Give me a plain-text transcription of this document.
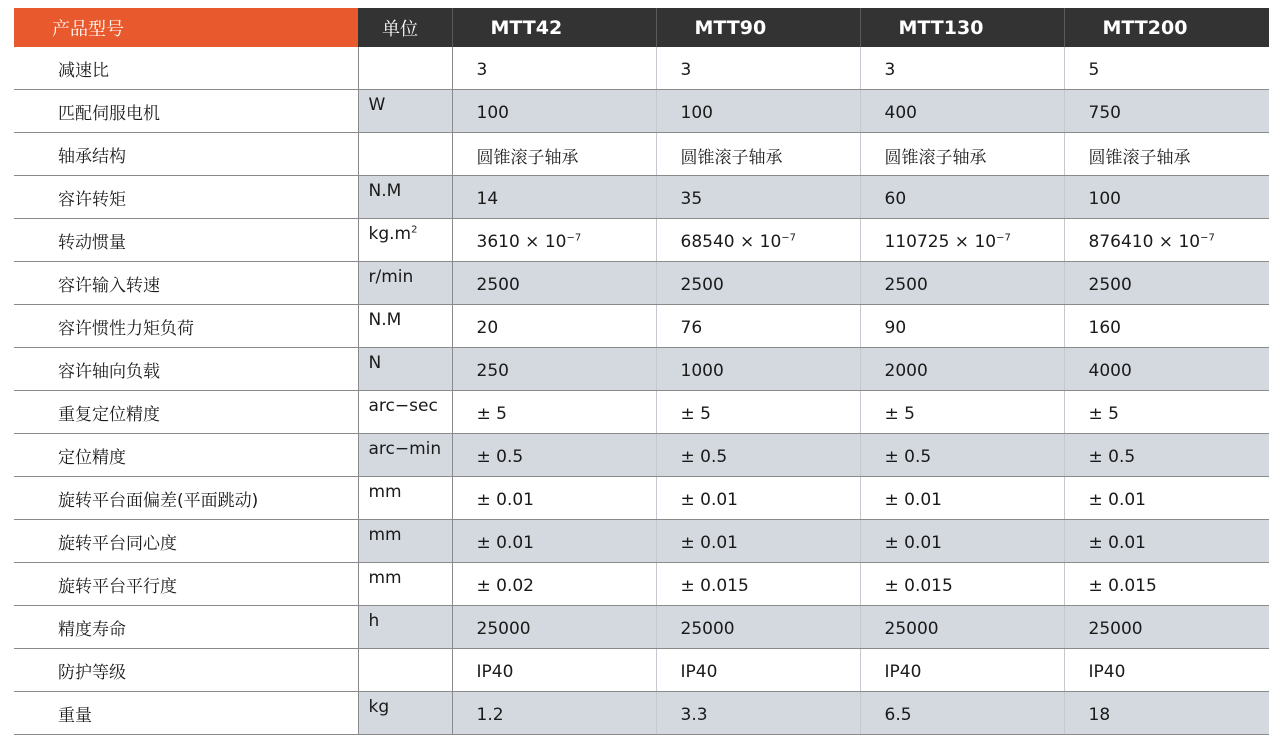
产品型号	单位	MTT42	MTT90	MTT130	MTT200
减速比		3	3	3	5
匹配伺服电机	W	100	100	400	750
轴承结构		圆锥滚子轴承	圆锥滚子轴承	圆锥滚子轴承	圆锥滚子轴承
容许转矩	N.M	14	35	60	100
转动惯量	$kg.m^2$	$3610 \times 10^{-7}$	$68540 \times 10^{-7}$	$110725 \times 10^{-7}$	$876410 \times 10^{-7}$
容许输入转速	r/min	2500	2500	2500	2500
容许惯性力矩负荷	N.M	20	76	90	160
容许轴向负载	N	250	1000	2000	4000
重复定位精度	arc−sec	± 5	± 5	± 5	± 5
定位精度	arc−min	± 0.5	± 0.5	± 0.5	± 0.5
旋转平台面偏差(平面跳动)	mm	± 0.01	± 0.01	± 0.01	± 0.01
旋转平台同心度	mm	± 0.01	± 0.01	± 0.01	± 0.01
旋转平台平行度	mm	± 0.02	± 0.015	± 0.015	± 0.015
精度寿命	h	25000	25000	25000	25000
防护等级		IP40	IP40	IP40	IP40
重量	kg	1.2	3.3	6.5	18
